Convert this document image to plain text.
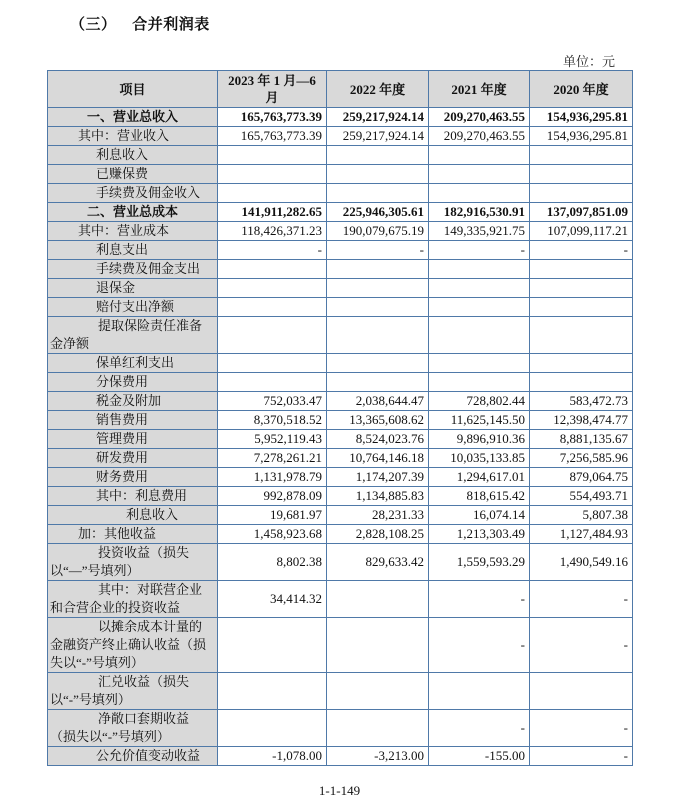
（三） 合并利润表
单位：元
项目	2023 年 1 月—6 月	2022 年度	2021 年度	2020 年度
一、营业总收入	165,763,773.39	259,217,924.14	209,270,463.55	154,936,295.81
其中：营业收入	165,763,773.39	259,217,924.14	209,270,463.55	154,936,295.81
利息收入				
已赚保费				
手续费及佣金收入				
二、营业总成本	141,911,282.65	225,946,305.61	182,916,530.91	137,097,851.09
其中：营业成本	118,426,371.23	190,079,675.19	149,335,921.75	107,099,117.21
利息支出	-	-	-	-
手续费及佣金支出				
退保金				
赔付支出净额				
提取保险责任准备金净额				
保单红利支出				
分保费用				
税金及附加	752,033.47	2,038,644.47	728,802.44	583,472.73
销售费用	8,370,518.52	13,365,608.62	11,625,145.50	12,398,474.77
管理费用	5,952,119.43	8,524,023.76	9,896,910.36	8,881,135.67
研发费用	7,278,261.21	10,764,146.18	10,035,133.85	7,256,585.96
财务费用	1,131,978.79	1,174,207.39	1,294,617.01	879,064.75
其中：利息费用	992,878.09	1,134,885.83	818,615.42	554,493.71
利息收入	19,681.97	28,231.33	16,074.14	5,807.38
加：其他收益	1,458,923.68	2,828,108.25	1,213,303.49	1,127,484.93
投资收益（损失以“—”号填列）	8,802.38	829,633.42	1,559,593.29	1,490,549.16
其中：对联营企业和合营企业的投资收益	34,414.32		-	-
以摊余成本计量的金融资产终止确认收益（损失以“-”号填列）			-	-
汇兑收益（损失以“-”号填列）				
净敞口套期收益（损失以“-”号填列）			-	-
公允价值变动收益	-1,078.00	-3,213.00	-155.00	-
1-1-149
